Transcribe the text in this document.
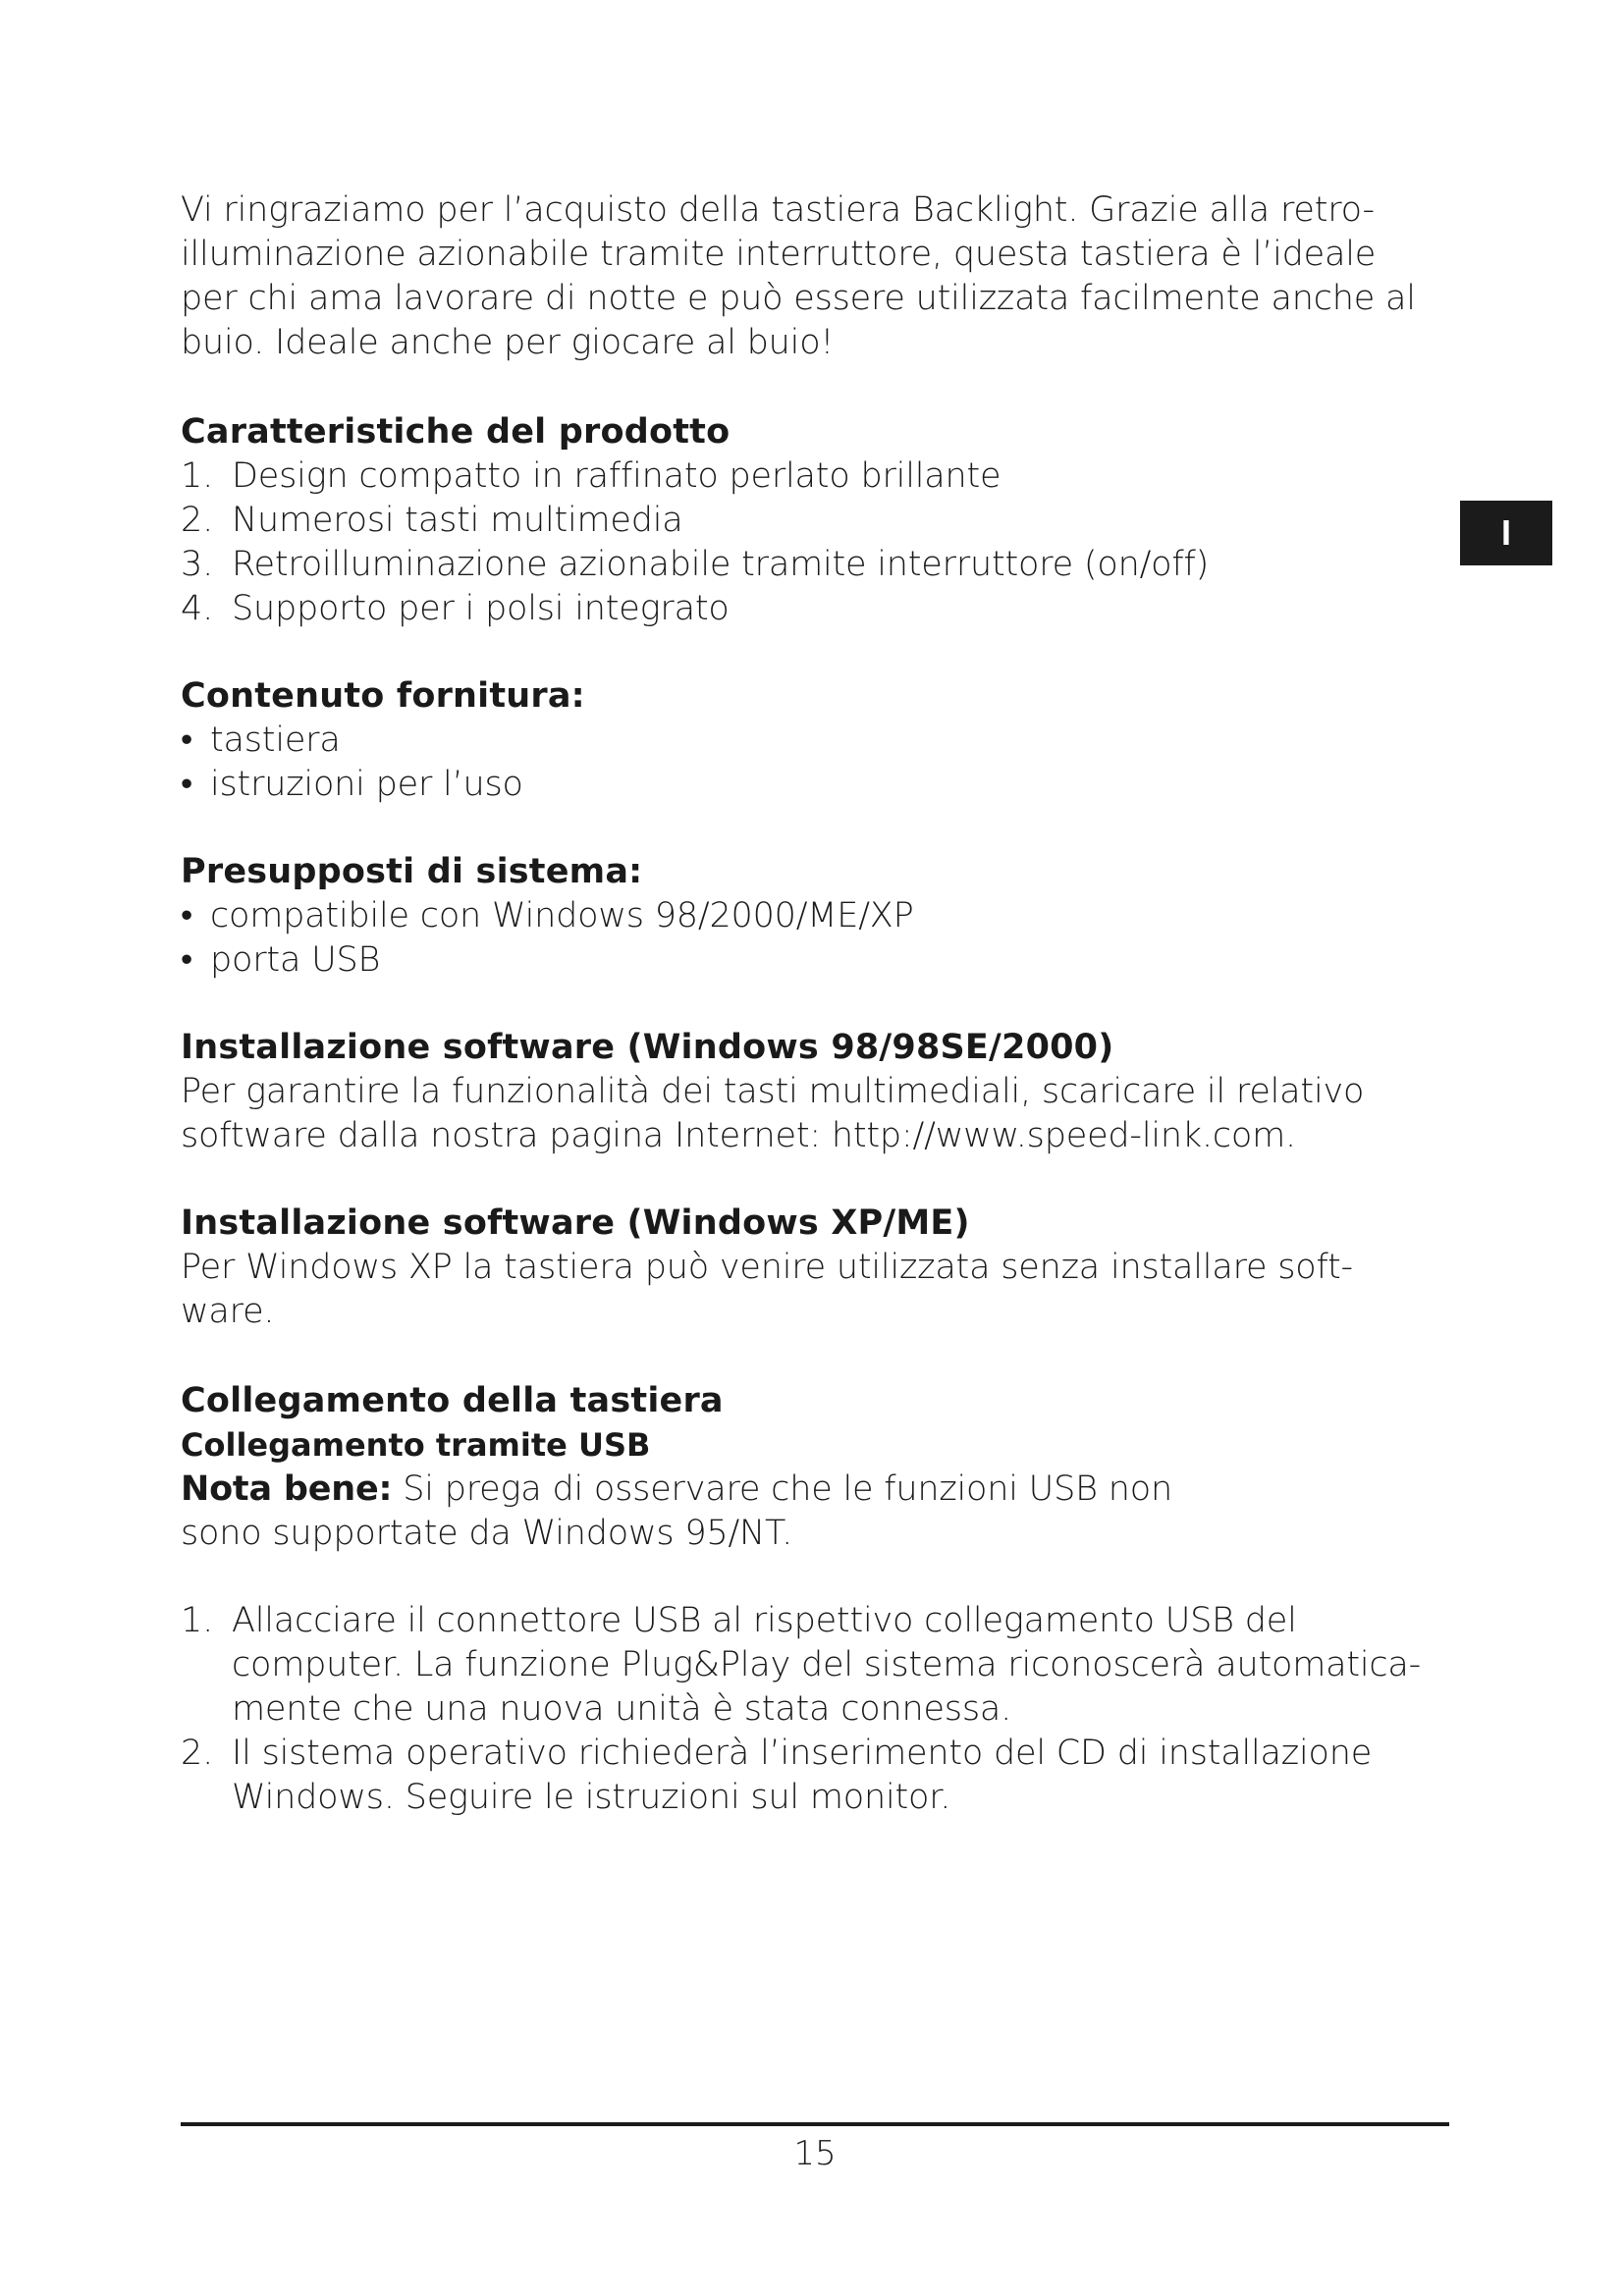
I

Vi ringraziamo per l’acquisto della tastiera Backlight. Grazie alla retro-
illuminazione azionabile tramite interruttore, questa tastiera è l’ideale
per chi ama lavorare di notte e può essere utilizzata facilmente anche al
buio. Ideale anche per giocare al buio!

Caratteristiche del prodotto
1. Design compatto in raffinato perlato brillante
2. Numerosi tasti multimedia
3. Retroilluminazione azionabile tramite interruttore (on/off)
4. Supporto per i polsi integrato
Contenuto fornitura:
• tastiera
• istruzioni per l’uso
Presupposti di sistema:
• compatibile con Windows 98/2000/ME/XP
• porta USB
Installazione software (Windows 98/98SE/2000)

Per garantire la funzionalità dei tasti multimediali, scaricare il relativo
software dalla nostra pagina Internet: http://www.speed-link.com.

Installazione software (Windows XP/ME)

Per Windows XP la tastiera può venire utilizzata senza installare soft-
ware.

Collegamento della tastiera

Collegamento tramite USB

Nota bene: Si prega di osservare che le funzioni USB non
sono supportate da Windows 95/NT.

1. Allacciare il connettore USB al rispettivo collegamento USB del
computer. La funzione Plug&Play del sistema riconoscerà automatica-
mente che una nuova unità è stata connessa.
2. Il sistema operativo richiederà l’inserimento del CD di installazione
Windows. Seguire le istruzioni sul monitor.
15
